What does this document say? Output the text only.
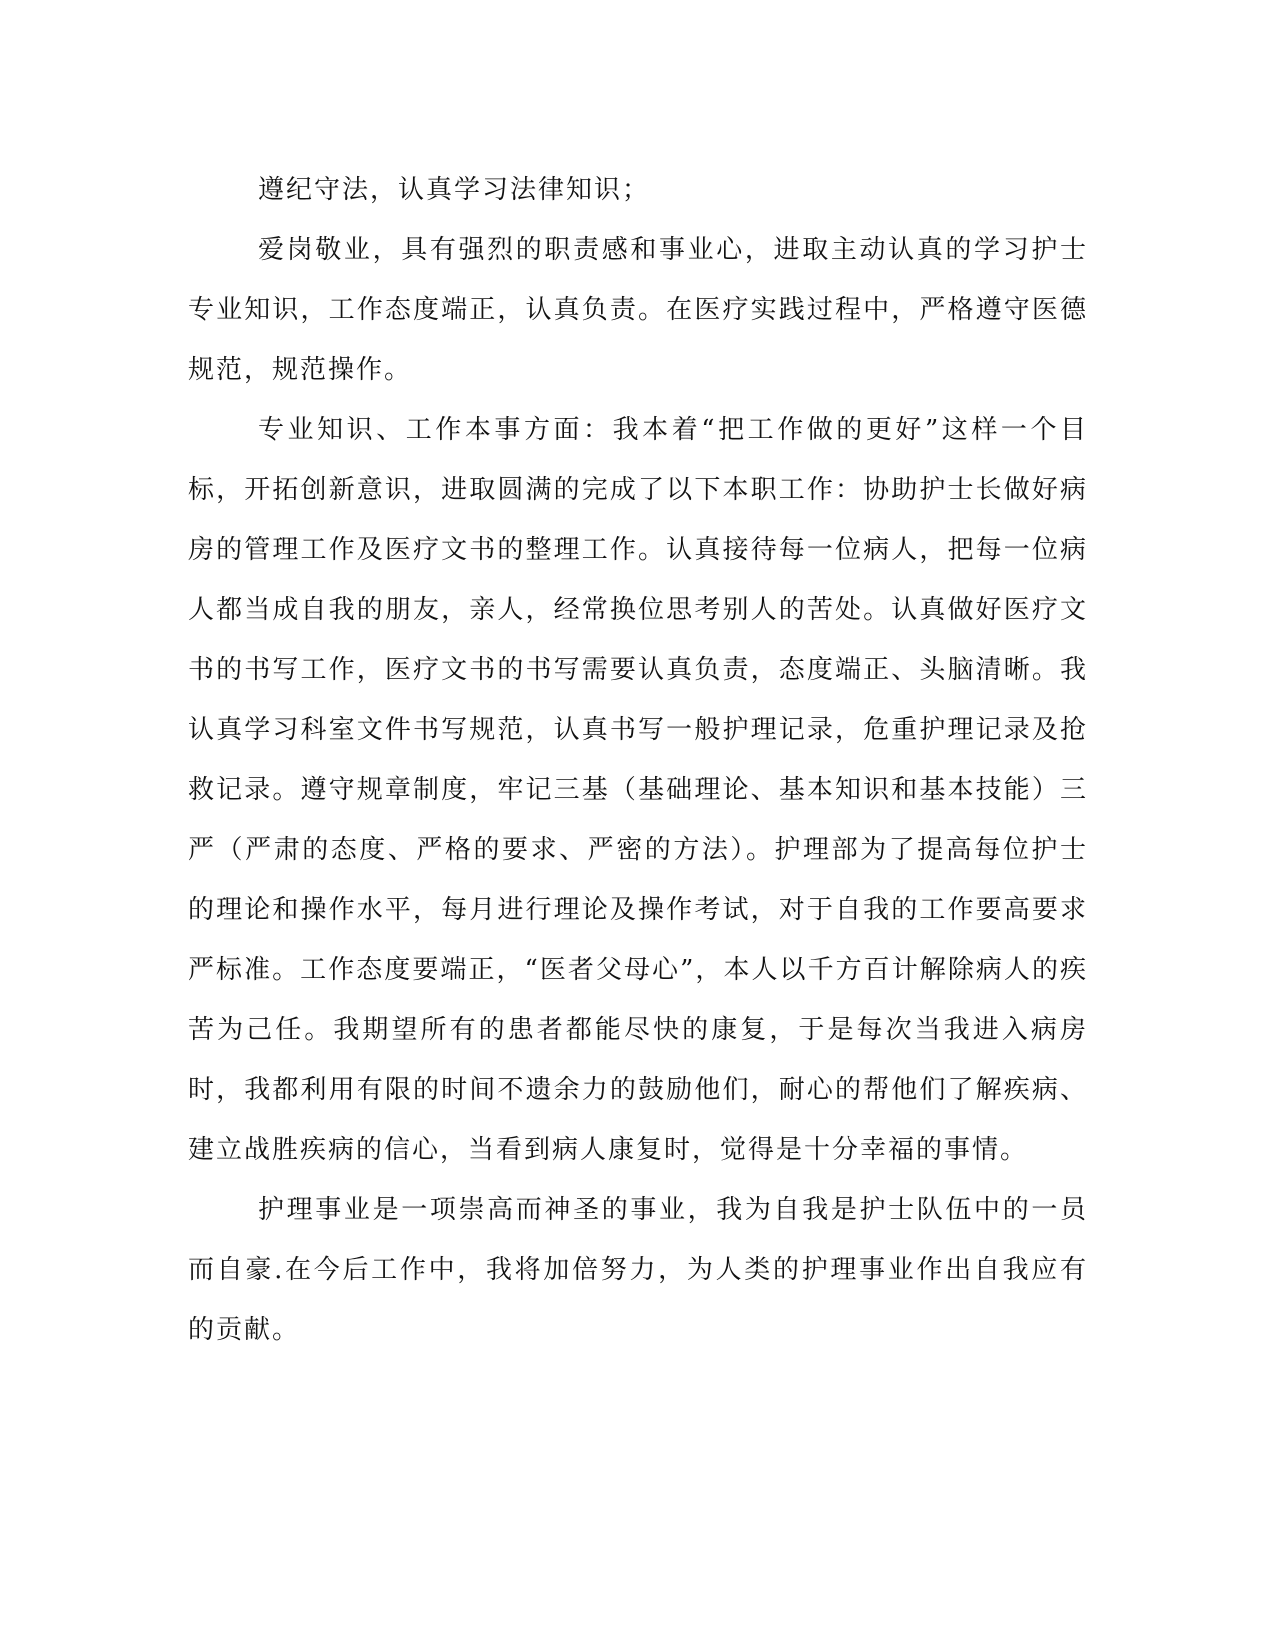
遵纪守法，认真学习法律知识；

爱岗敬业，具有强烈的职责感和事业心，进取主动认真的学习护士专业知识，工作态度端正，认真负责。在医疗实践过程中，严格遵守医德规范，规范操作。

专业知识、工作本事方面：我本着“把工作做的更好”这样一个目标，开拓创新意识，进取圆满的完成了以下本职工作：协助护士长做好病房的管理工作及医疗文书的整理工作。认真接待每一位病人，把每一位病人都当成自我的朋友，亲人，经常换位思考别人的苦处。认真做好医疗文书的书写工作，医疗文书的书写需要认真负责，态度端正、头脑清晰。我认真学习科室文件书写规范，认真书写一般护理记录，危重护理记录及抢救记录。遵守规章制度，牢记三基（基础理论、基本知识和基本技能）三严（严肃的态度、严格的要求、严密的方法）。护理部为了提高每位护士的理论和操作水平，每月进行理论及操作考试，对于自我的工作要高要求严标准。工作态度要端正，“医者父母心”，本人以千方百计解除病人的疾苦为己任。我期望所有的患者都能尽快的康复，于是每次当我进入病房时，我都利用有限的时间不遗余力的鼓励他们，耐心的帮他们了解疾病、建立战胜疾病的信心，当看到病人康复时，觉得是十分幸福的事情。

护理事业是一项崇高而神圣的事业，我为自我是护士队伍中的一员而自豪.在今后工作中，我将加倍努力，为人类的护理事业作出自我应有的贡献。
